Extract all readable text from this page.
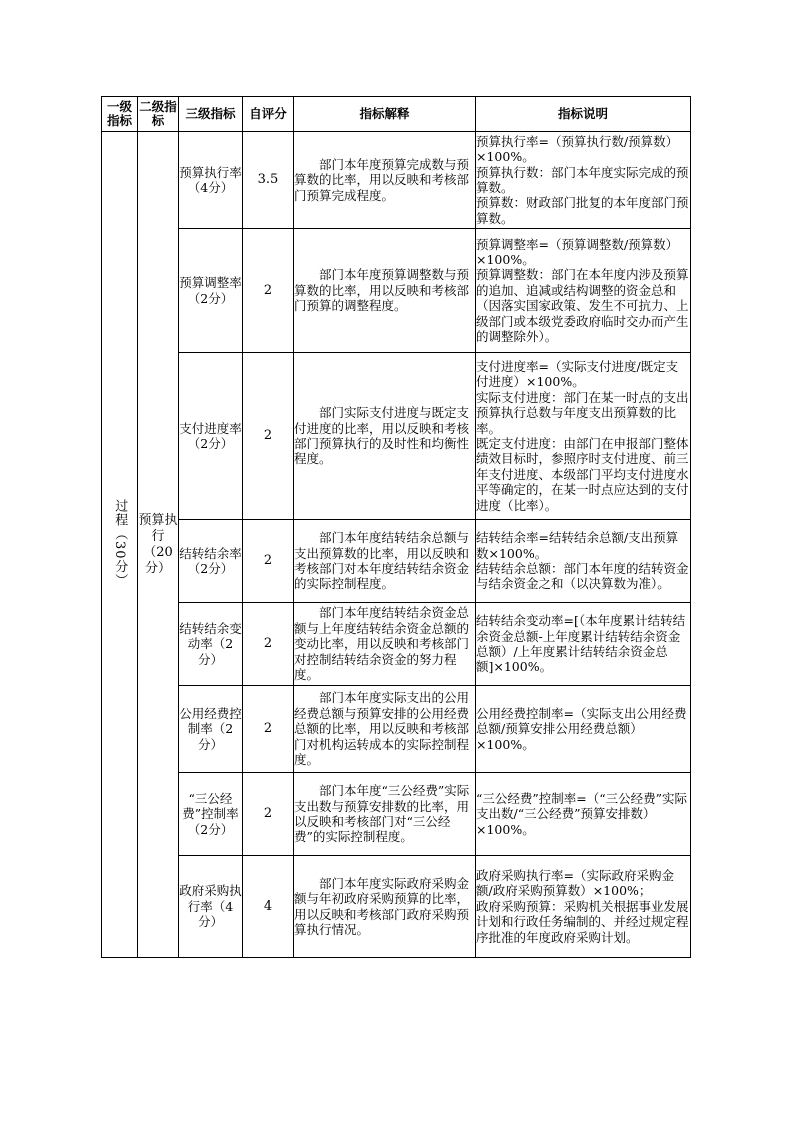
一级指标	二级指标	三级指标	自评分	指标解释	指标说明
过程（30分）	预算执行（20分）	预算执行率（4分）	3.5	部门本年度预算完成数与预算数的比率，用以反映和考核部门预算完成程度。	预算执行率=（预算执行数/预算数）×100%。
预算执行数：部门本年度实际完成的预算数。
预算数：财政部门批复的本年度部门预算数。
		预算调整率（2分）	2	部门本年度预算调整数与预算数的比率，用以反映和考核部门预算的调整程度。	预算调整率=（预算调整数/预算数）×100%。
预算调整数：部门在本年度内涉及预算的追加、追减或结构调整的资金总和（因落实国家政策、发生不可抗力、上级部门或本级党委政府临时交办而产生的调整除外）。
		支付进度率（2分）	2	部门实际支付进度与既定支付进度的比率，用以反映和考核部门预算执行的及时性和均衡性程度。	支付进度率=（实际支付进度/既定支付进度）×100%。
实际支付进度：部门在某一时点的支出预算执行总数与年度支出预算数的比率。
既定支付进度：由部门在申报部门整体绩效目标时，参照序时支付进度、前三年支付进度、本级部门平均支付进度水平等确定的，在某一时点应达到的支付进度（比率）。
		结转结余率（2分）	2	部门本年度结转结余总额与支出预算数的比率，用以反映和考核部门对本年度结转结余资金的实际控制程度。	结转结余率=结转结余总额/支出预算数×100%。
结转结余总额：部门本年度的结转资金与结余资金之和（以决算数为准）。
		结转结余变动率（2分）	2	部门本年度结转结余资金总额与上年度结转结余资金总额的变动比率，用以反映和考核部门对控制结转结余资金的努力程度。	结转结余变动率=[（本年度累计结转结余资金总额-上年度累计结转结余资金总额）/上年度累计结转结余资金总额]×100%。
		公用经费控制率（2分）	2	部门本年度实际支出的公用经费总额与预算安排的公用经费总额的比率，用以反映和考核部门对机构运转成本的实际控制程度。	公用经费控制率=（实际支出公用经费总额/预算安排公用经费总额）×100%。
		“三公经费”控制率（2分）	2	部门本年度“三公经费”实际支出数与预算安排数的比率，用以反映和考核部门对“三公经费”的实际控制程度。	“三公经费”控制率=（“三公经费”实际支出数/“三公经费”预算安排数）×100%。
		政府采购执行率（4分）	4	部门本年度实际政府采购金额与年初政府采购预算的比率，用以反映和考核部门政府采购预算执行情况。	政府采购执行率=（实际政府采购金额/政府采购预算数）×100%；
政府采购预算：采购机关根据事业发展计划和行政任务编制的、并经过规定程序批准的年度政府采购计划。
